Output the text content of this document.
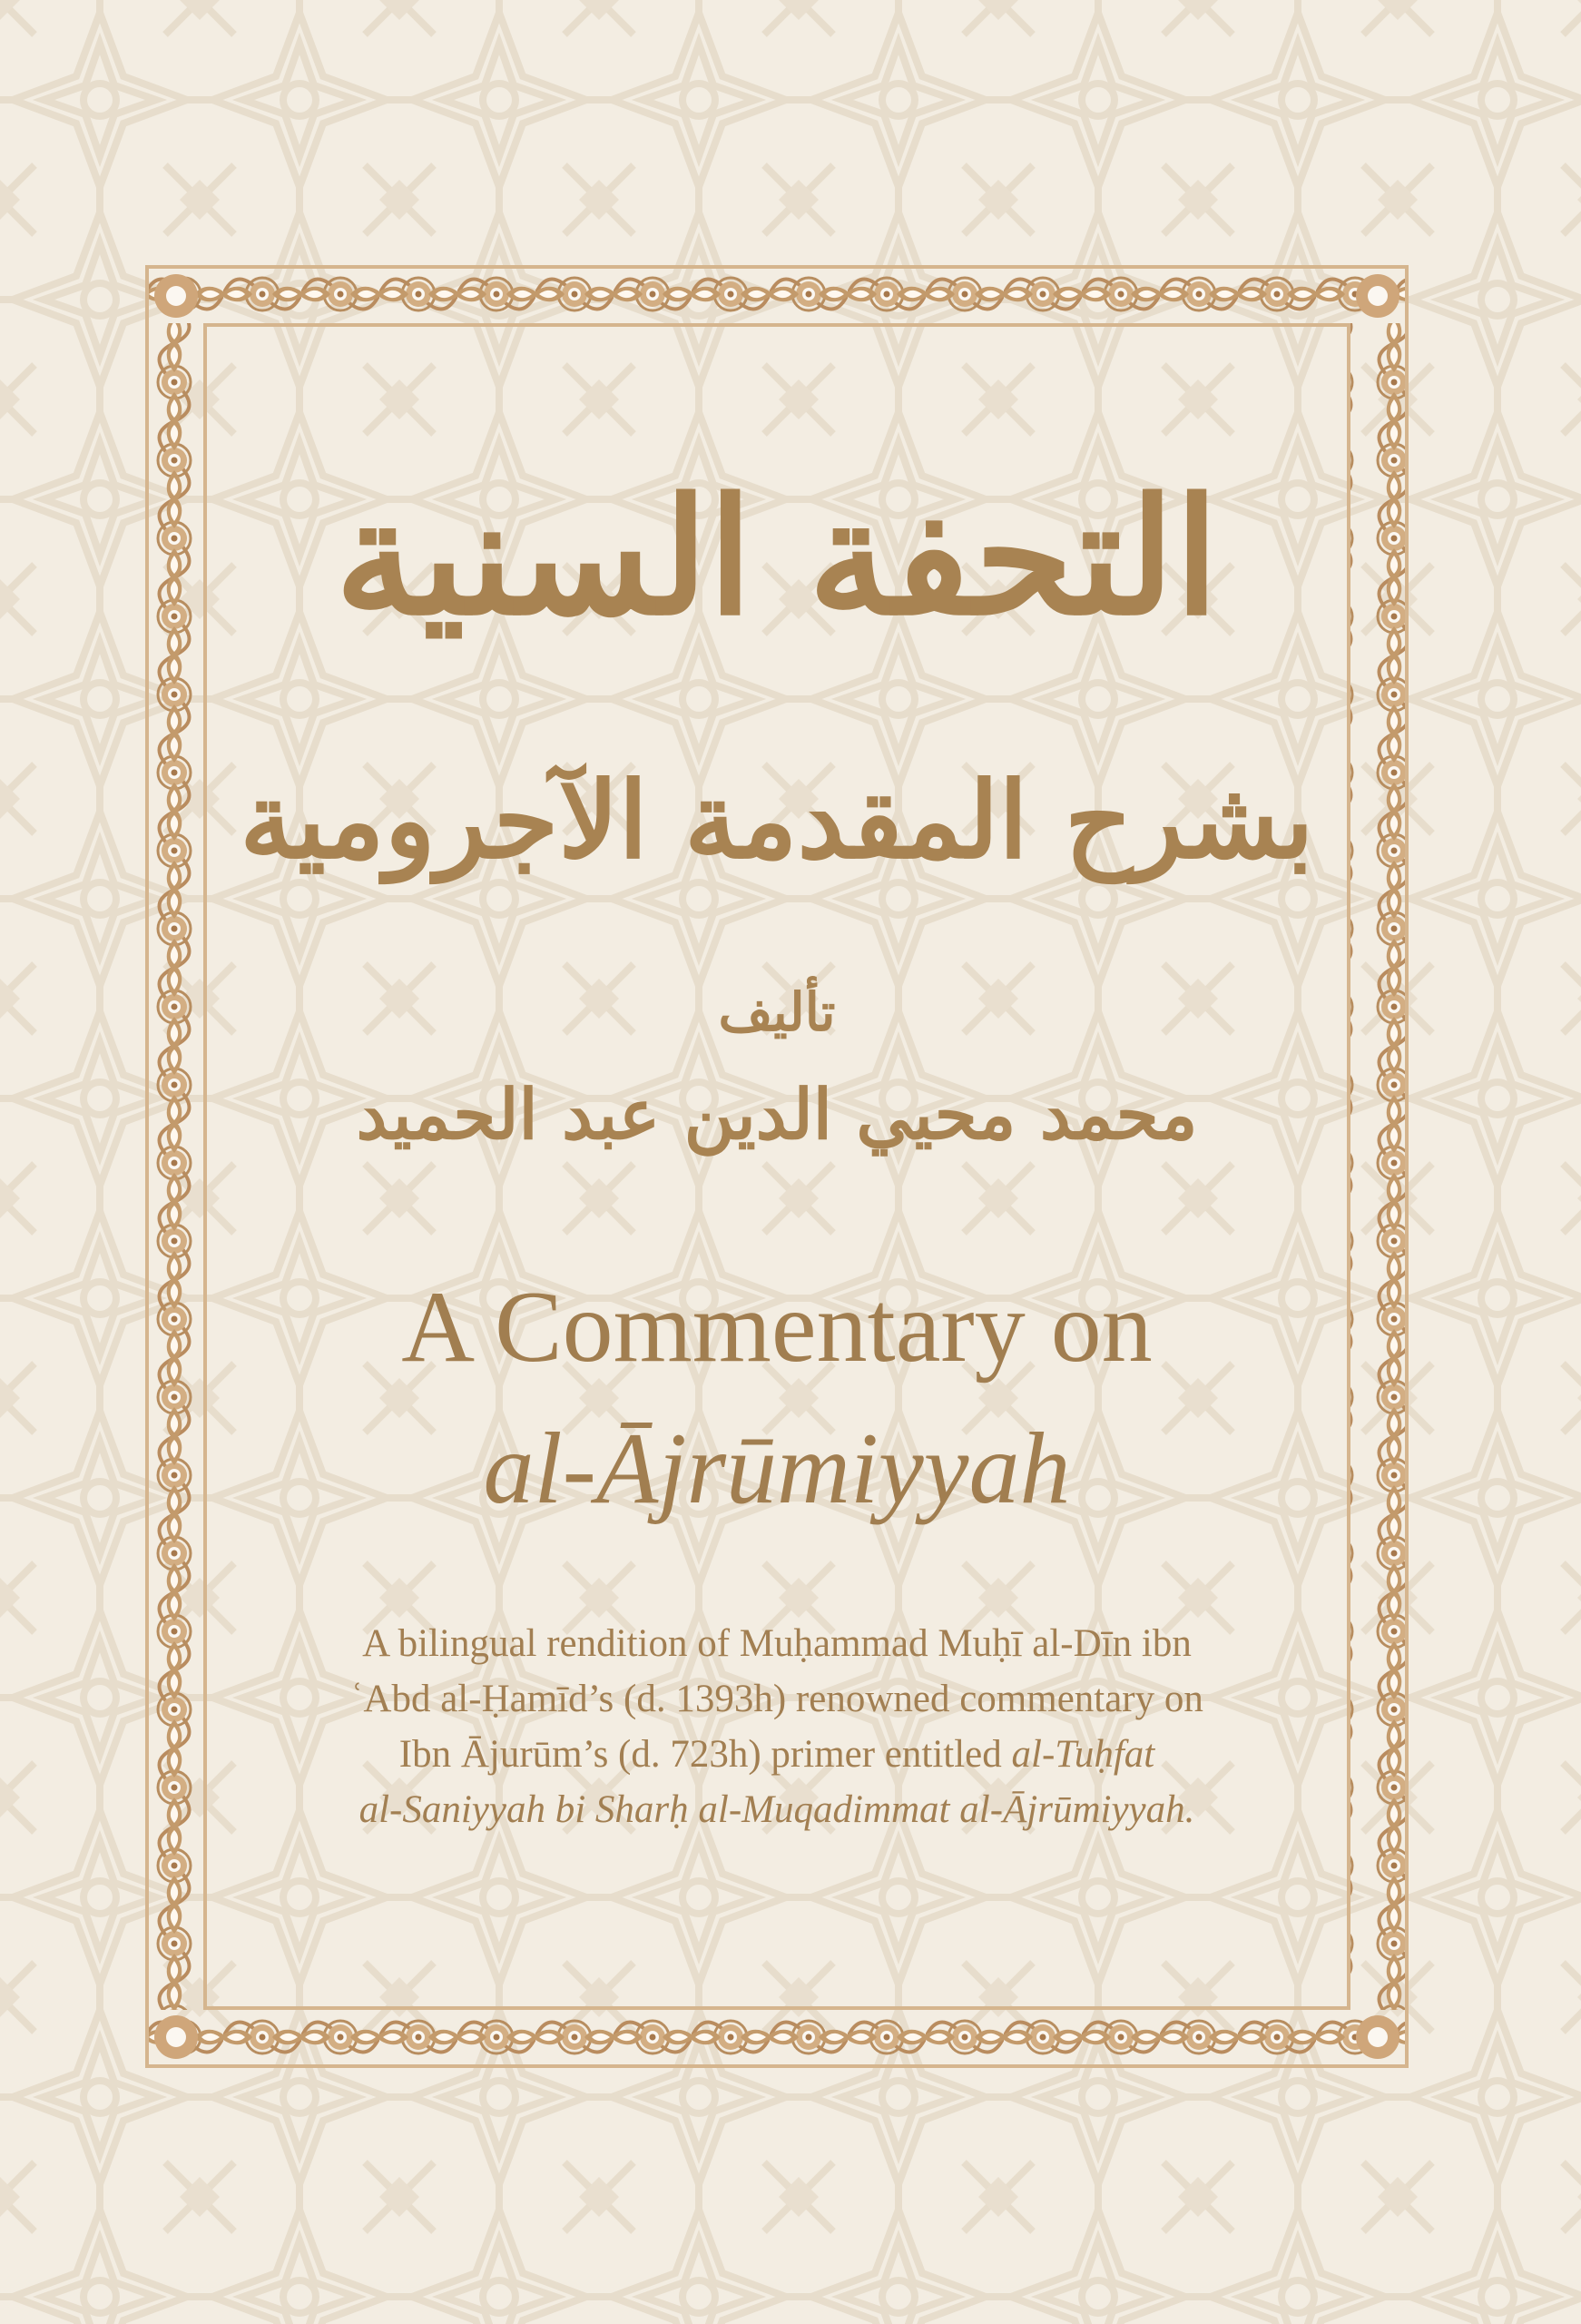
التحفة السنية
بشرح المقدمة الآجرومية
تأليف
محمد محيي الدين عبد الحميد
A Commentary on
al-Ājrūmiyyah
A bilingual rendition of Muḥammad Muḥī al-Dīn ibn
ʿAbd al-Ḥamīd’s (d. 1393h) renowned commentary on
Ibn Ājurūm’s (d. 723h) primer entitled al-Tuḥfat
al-Saniyyah bi Sharḥ al-Muqadimmat al-Ājrūmiyyah.
